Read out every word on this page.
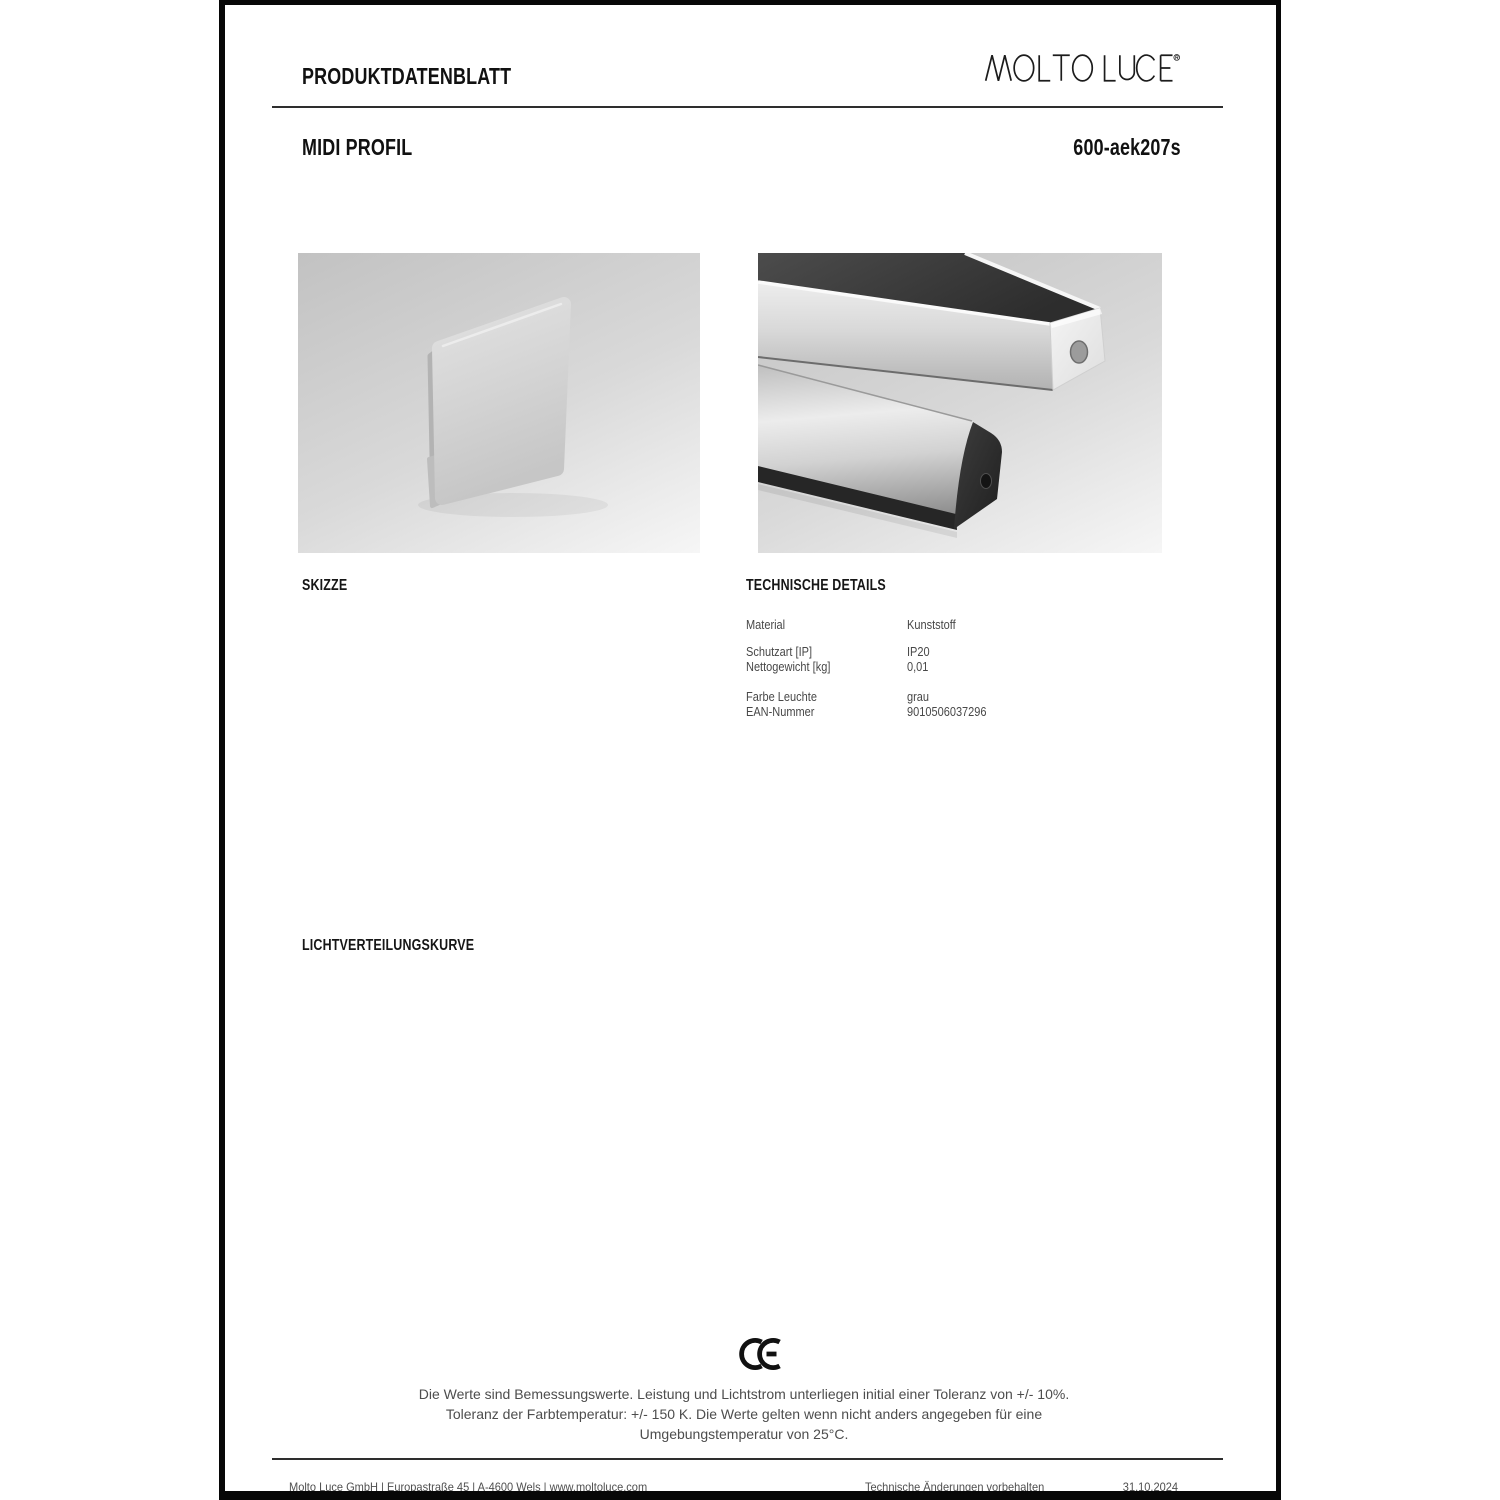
PRODUKTDATENBLATT
MIDI PROFIL	600-aek207s
SKIZZE	TECHNISCHE DETAILS
Material	Kunststoff
Schutzart [IP]	IP20
Nettogewicht [kg]	0,01
Farbe Leuchte	grau
EAN-Nummer	9010506037296
LICHTVERTEILUNGSKURVE
Die Werte sind Bemessungswerte. Leistung und Lichtstrom unterliegen initial einer Toleranz von +/- 10%.
Toleranz der Farbtemperatur: +/- 150 K. Die Werte gelten wenn nicht anders angegeben für eine
Umgebungstemperatur von 25°C.
Molto Luce GmbH | Europastraße 45 | A-4600 Wels | www.moltoluce.com	Technische Änderungen vorbehalten	31.10.2024
